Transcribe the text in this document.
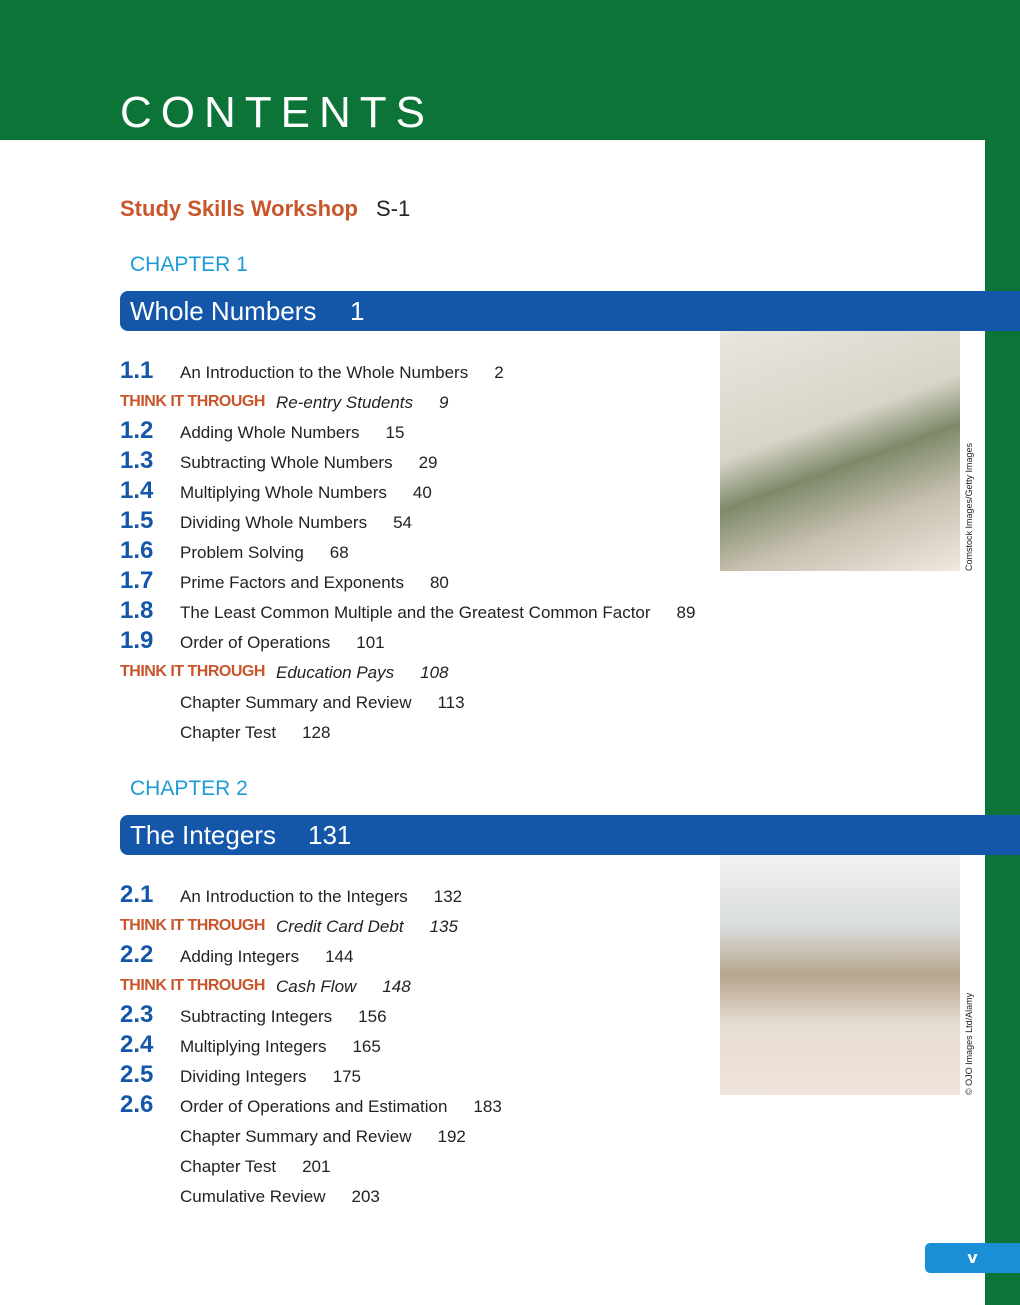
CONTENTS
Study Skills Workshop S-1
CHAPTER 1
Whole Numbers 1
1.1 An Introduction to the Whole Numbers 2
THINK IT THROUGH Re-entry Students 9
1.2 Adding Whole Numbers 15
1.3 Subtracting Whole Numbers 29
1.4 Multiplying Whole Numbers 40
1.5 Dividing Whole Numbers 54
1.6 Problem Solving 68
1.7 Prime Factors and Exponents 80
1.8 The Least Common Multiple and the Greatest Common Factor 89
1.9 Order of Operations 101
THINK IT THROUGH Education Pays 108
Chapter Summary and Review 113
Chapter Test 128
Comstock Images/Getty Images
CHAPTER 2
The Integers 131
2.1 An Introduction to the Integers 132
THINK IT THROUGH Credit Card Debt 135
2.2 Adding Integers 144
THINK IT THROUGH Cash Flow 148
2.3 Subtracting Integers 156
2.4 Multiplying Integers 165
2.5 Dividing Integers 175
2.6 Order of Operations and Estimation 183
Chapter Summary and Review 192
Chapter Test 201
Cumulative Review 203
© OJO Images Ltd/Alamy
v
